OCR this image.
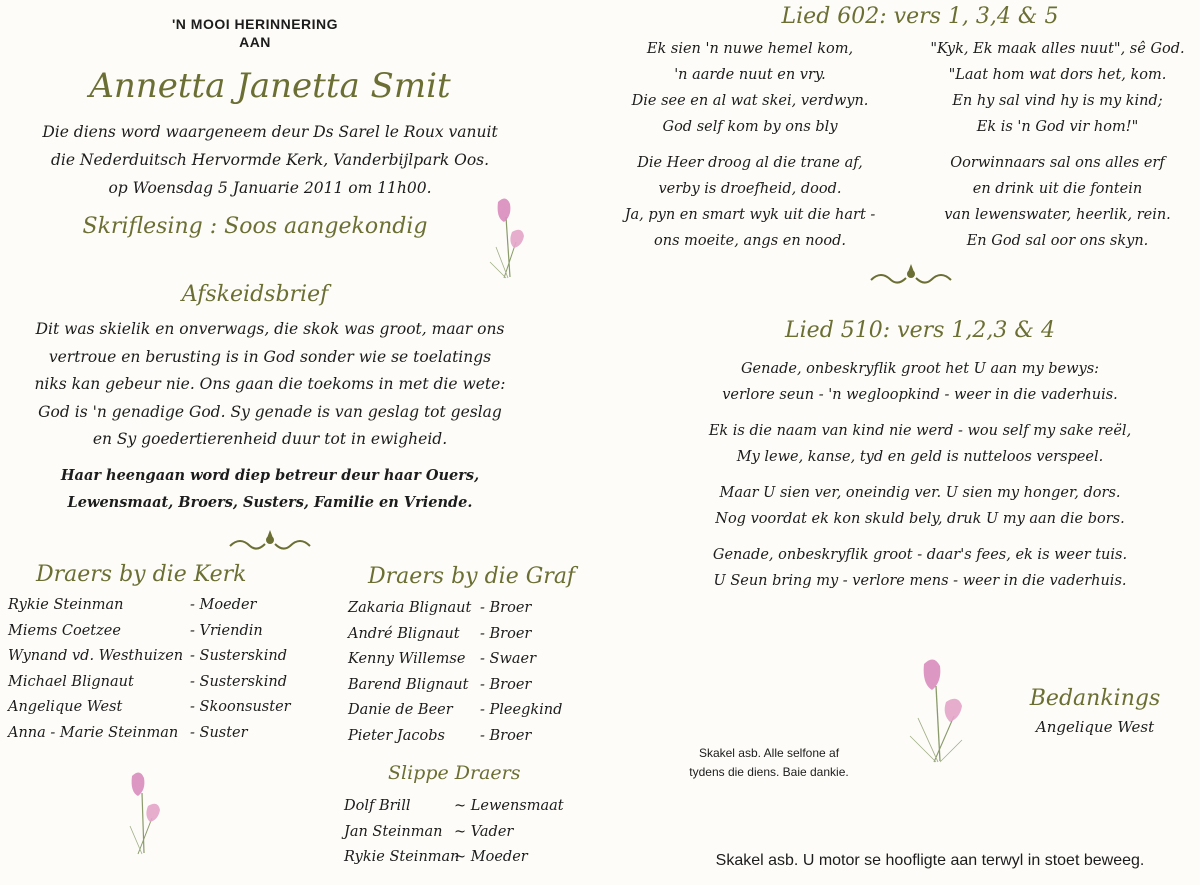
'N MOOI HERINNERING
AAN
Annetta Janetta Smit
Die diens word waargeneem deur Ds Sarel le Roux vanuit
die Nederduitsch Hervormde Kerk, Vanderbijlpark Oos.
op Woensdag 5 Januarie 2011 om 11h00.
Skriflesing : Soos aangekondig
Afskeidsbrief
Dit was skielik en onverwags, die skok was groot, maar ons
vertroue en berusting is in God sonder wie se toelatings
niks kan gebeur nie. Ons gaan die toekoms in met die wete:
God is 'n genadige God. Sy genade is van geslag tot geslag
en Sy goedertierenheid duur tot in ewigheid.
Haar heengaan word diep betreur deur haar Ouers,
Lewensmaat, Broers, Susters, Familie en Vriende.
Draers by die Kerk
Rykie Steinman	- Moeder
Miems Coetzee	- Vriendin
Wynand vd. Westhuizen - Susterskind
Michael Blignaut	- Susterskind
Angelique West	- Skoonsuster
Anna - Marie Steinman - Suster
Draers by die Graf
Zakaria Blignaut - Broer
André Blignaut - Broer
Kenny Willemse - Swaer
Barend Blignaut - Broer
Danie de Beer - Pleegkind
Pieter Jacobs - Broer
Slippe Draers
Dolf Brill	~ Lewensmaat
Jan Steinman ~ Vader
Rykie Steinman~ Moeder
Lied 602: vers 1, 3,4 & 5
Ek sien 'n nuwe hemel kom,
'n aarde nuut en vry.
Die see en al wat skei, verdwyn.
God self kom by ons bly
Die Heer droog al die trane af,
verby is droefheid, dood.
Ja, pyn en smart wyk uit die hart -
ons moeite, angs en nood.
"Kyk, Ek maak alles nuut", sê God.
"Laat hom wat dors het, kom.
En hy sal vind hy is my kind;
Ek is 'n God vir hom!"
Oorwinnaars sal ons alles erf
en drink uit die fontein
van lewenswater, heerlik, rein.
En God sal oor ons skyn.
Lied 510: vers 1,2,3 & 4
Genade, onbeskryflik groot het U aan my bewys:
verlore seun - 'n wegloopkind - weer in die vaderhuis.
Ek is die naam van kind nie werd - wou self my sake reël,
My lewe, kanse, tyd en geld is nutteloos verspeel.
Maar U sien ver, oneindig ver. U sien my honger, dors.
Nog voordat ek kon skuld bely, druk U my aan die bors.
Genade, onbeskryflik groot - daar's fees, ek is weer tuis.
U Seun bring my - verlore mens - weer in die vaderhuis.
Skakel asb. Alle selfone af
tydens die diens. Baie dankie.
Bedankings
Angelique West
Skakel asb. U motor se hoofligte aan terwyl in stoet beweeg.
